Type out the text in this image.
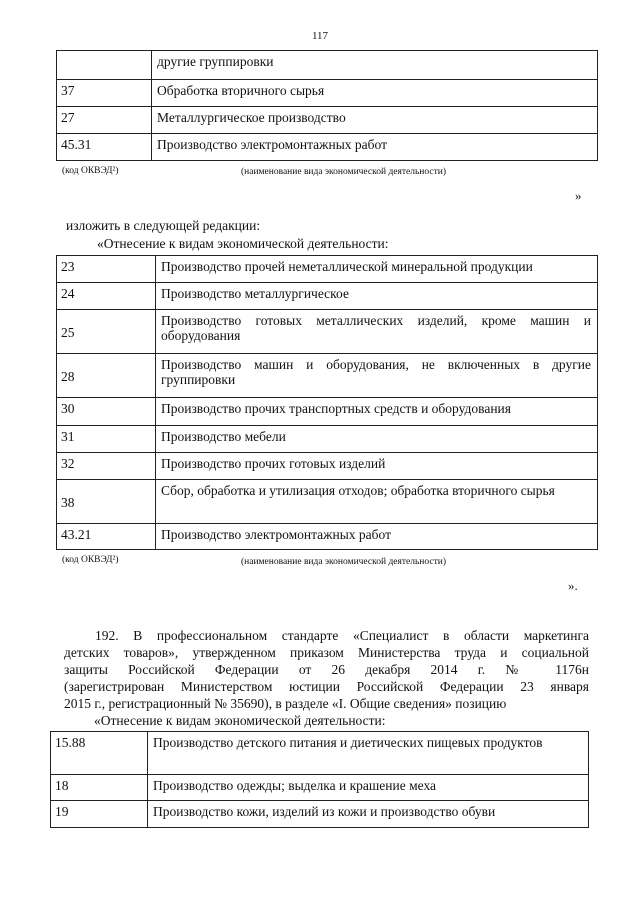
117
	другие группировки
37	Обработка вторичного сырья
27	Металлургическое производство
45.31	Производство электромонтажных работ
(код ОКВЭД²)	(наименование вида экономической деятельности)
»
изложить в следующей редакции:
«Отнесение к видам экономической деятельности:
23	Производство прочей неметаллической минеральной продукции
24	Производство металлургическое
25	Производство готовых металлических изделий, кроме машин и оборудования
28	Производство машин и оборудования, не включенных в другие группировки
30	Производство прочих транспортных средств и оборудования
31	Производство мебели
32	Производство прочих готовых изделий
38	Сбор, обработка и утилизация отходов; обработка вторичного сырья
43.21	Производство электромонтажных работ
(код ОКВЭД²)	(наименование вида экономической деятельности)
».
192. В профессиональном стандарте «Специалист в области маркетинга
детских товаров», утвержденном приказом Министерства труда и социальной
защиты Российской Федерации от 26 декабря 2014 г. № 1176н
(зарегистрирован Министерством юстиции Российской Федерации 23 января
2015 г., регистрационный № 35690), в разделе «I. Общие сведения» позицию
«Отнесение к видам экономической деятельности:
15.88	Производство детского питания и диетических пищевых продуктов
18	Производство одежды; выделка и крашение меха
19	Производство кожи, изделий из кожи и производство обуви
